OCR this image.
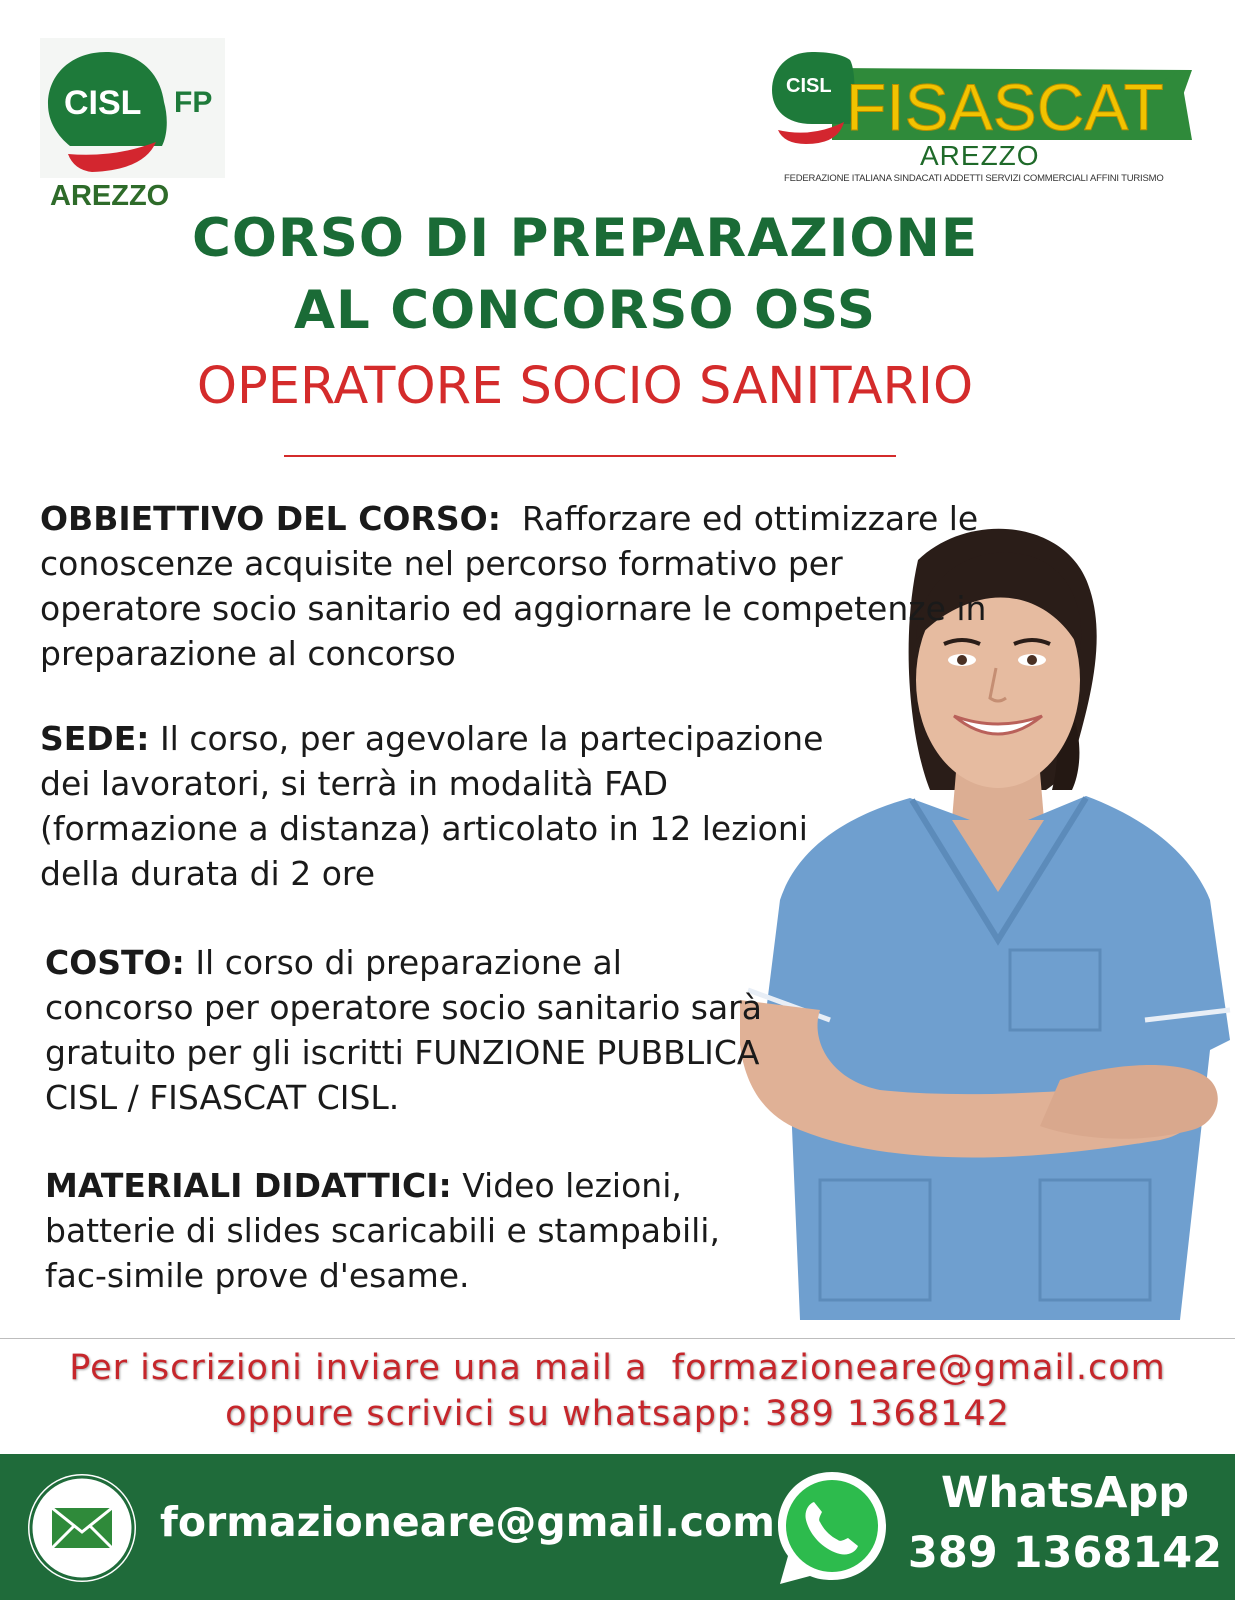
CISL FP
AREZZO
CISL FISASCAT
AREZZO
FEDERAZIONE ITALIANA SINDACATI ADDETTI SERVIZI COMMERCIALI AFFINI TURISMO
CORSO DI PREPARAZIONE
AL CONCORSO OSS
OPERATORE SOCIO SANITARIO
OBBIETTIVO DEL CORSO: Rafforzare ed ottimizzare le conoscenze acquisite nel percorso formativo per operatore socio sanitario ed aggiornare le competenze in preparazione al concorso
SEDE: Il corso, per agevolare la partecipazione dei lavoratori, si terrà in modalità FAD (formazione a distanza) articolato in 12 lezioni della durata di 2 ore
COSTO: Il corso di preparazione al concorso per operatore socio sanitario sarà gratuito per gli iscritti FUNZIONE PUBBLICA CISL / FISASCAT CISL.
MATERIALI DIDATTICI: Video lezioni, batterie di slides scaricabili e stampabili, fac-simile prove d'esame.
Per iscrizioni inviare una mail a  formazioneare@gmail.com
oppure scrivici su whatsapp: 389 1368142
formazioneare@gmail.com
WhatsApp
389 1368142
